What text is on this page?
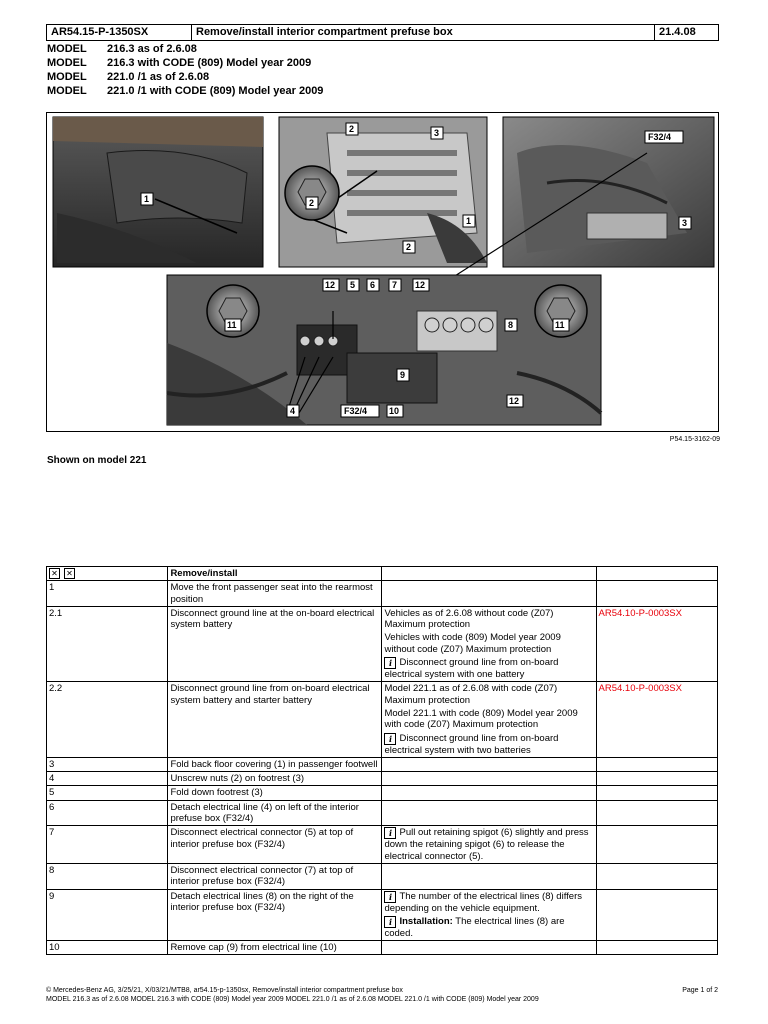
AR54.15-P-1350SX	Remove/install interior compartment prefuse box	21.4.08
MODEL	216.3 as of 2.6.08
MODEL	216.3 with CODE (809) Model year 2009
MODEL	221.0 /1 as of 2.6.08
MODEL	221.0 /1 with CODE (809) Model year 2009
1
2	3
2
2
1
F32/4
3
12 5 6 7 12
8
11	11
4	F32/4 10
9
12
P54.15-3162-09
Shown on model 221
✕ ✕	Remove/install		
1	Move the front passenger seat into the rearmost position		
2.1	Disconnect ground line at the on-board electrical system battery	Vehicles as of 2.6.08 without code (Z07) Maximum protection
Vehicles with code (809) Model year 2009 without code (Z07) Maximum protection
i Disconnect ground line from on-board electrical system with one battery	AR54.10-P-0003SX
2.2	Disconnect ground line from on-board electrical system battery and starter battery	Model 221.1 as of 2.6.08 with code (Z07) Maximum protection
Model 221.1 with code (809) Model year 2009 with code (Z07) Maximum protection
i Disconnect ground line from on-board electrical system with two batteries	AR54.10-P-0003SX
3	Fold back floor covering (1) in passenger footwell		
4	Unscrew nuts (2) on footrest (3)		
5	Fold down footrest (3)		
6	Detach electrical line (4) on left of the interior prefuse box (F32/4)		
7	Disconnect electrical connector (5) at top of interior prefuse box (F32/4)	i Pull out retaining spigot (6) slightly and press down the retaining spigot (6) to release the electrical connector (5).	

8	Disconnect electrical connector (7) at top of interior prefuse box (F32/4)		
9	Detach electrical lines (8) on the right of the interior prefuse box (F32/4)	i The number of the electrical lines (8) differs depending on the vehicle equipment.
i Installation: The electrical lines (8) are coded.	

10	Remove cap (9) from electrical line (10)		
© Mercedes-Benz AG, 3/25/21, X/03/21/MTB8, ar54.15-p-1350sx, Remove/install interior compartment prefuse box
MODEL 216.3 as of 2.6.08 MODEL 216.3 with CODE (809) Model year 2009 MODEL 221.0 /1 as of 2.6.08 MODEL 221.0 /1 with CODE (809) Model year 2009
Page 1 of 2
